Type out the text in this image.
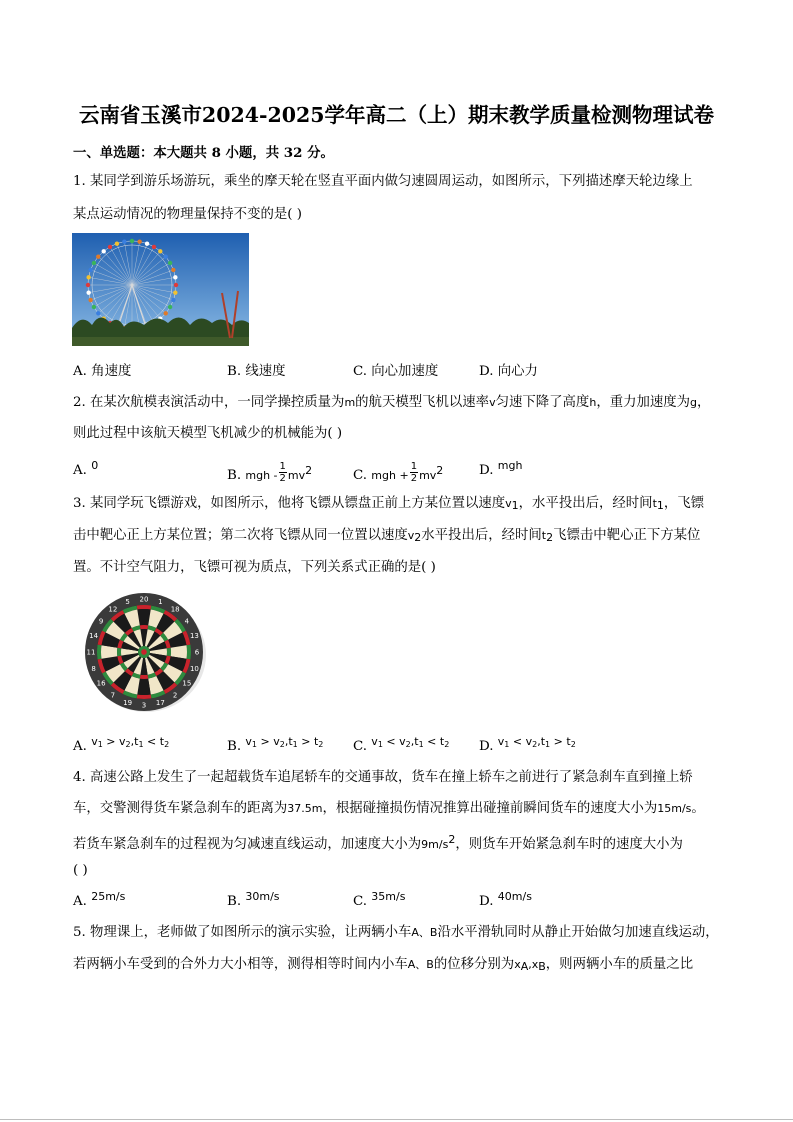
云南省玉溪市2024-2025学年高二（上）期末教学质量检测物理试卷
一、单选题：本大题共 8 小题，共 32 分。
1. 某同学到游乐场游玩，乘坐的摩天轮在竖直平面内做匀速圆周运动，如图所示，下列描述摩天轮边缘上
某点运动情况的物理量保持不变的是( )
A. 角速度	B. 线速度	C. 向心加速度	D. 向心力
2. 在某次航模表演活动中，一同学操控质量为m的航天模型飞机以速率v匀速下降了高度h，重力加速度为g，
则此过程中该航天模型飞机减少的机械能为( )
A. $^0$
B. mgh - $\frac{1}{2} mv^2$	C. mgh + $\frac{1}{2} mv^2$	D. $^{mgh}$
3. 某同学玩飞镖游戏，如图所示，他将飞镖从镖盘正前上方某位置以速度$v_1$，水平投出后，经时间$t_1$，飞镖
击中靶心正上方某位置；第二次将飞镖从同一位置以速度$v_2$水平投出后，经时间$t_2$飞镖击中靶心正下方某位
置。不计空气阻力，飞镖可视为质点，下列关系式正确的是( )
20 1
18
4
13
6
10
15
2
17
3
19
7
16
8
11
14
9
12
5
A. $^{v_1 > v_2,t_1 < t_2}$	B. $^{v_1 > v_2,t_1 > t_2}$ C. $^{v_1 < v_2,t_1 < t_2}$ D. $^{v_1 < v_2,t_1 > t_2}$
4. 高速公路上发生了一起超载货车追尾轿车的交通事故，货车在撞上轿车之前进行了紧急刹车直到撞上轿
车，交警测得货车紧急刹车的距离为37.5m，根据碰撞损伤情况推算出碰撞前瞬间货车的速度大小为15m/s。
若货车紧急刹车的过程视为匀减速直线运动，加速度大小为$9m/s^2$，则货车开始紧急刹车时的速度大小为
( )
A. $^{25m/s}$	B. $^{30m/s}$	C. $^{35m/s}$	D. $^{40m/s}$
5. 物理课上，老师做了如图所示的演示实验，让两辆小车A、B沿水平滑轨同时从静止开始做匀加速直线运动，
若两辆小车受到的合外力大小相等，测得相等时间内小车A、B的位移分别为$x_A,x_B$，则两辆小车的质量之比
